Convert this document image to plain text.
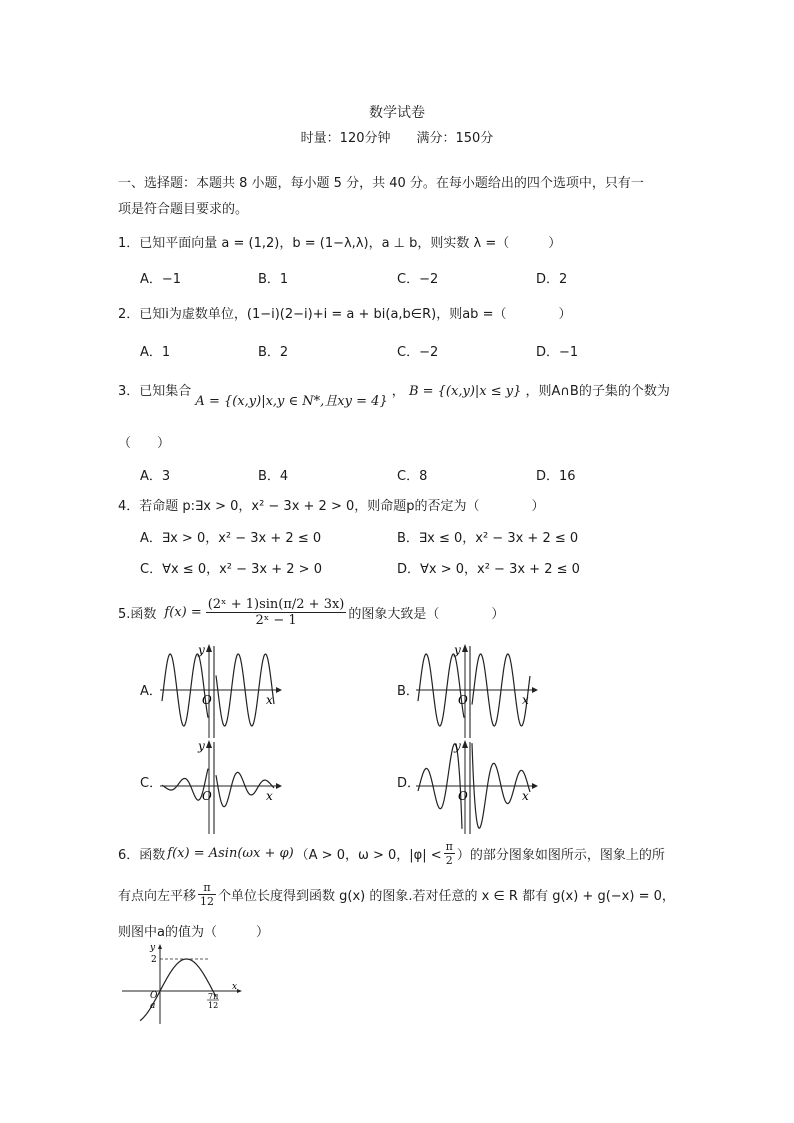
数学试卷
时量：120分钟　　满分：150分
一、选择题：本题共 8 小题，每小题 5 分，共 40 分。在每小题给出的四个选项中，只有一
项是符合题目要求的。
1．已知平面向量 a = (1,2)，b = (1−λ,λ)，a ⊥ b，则实数 λ =（　　　）
A．−1	B．1	C．−2	D．2
2．已知i为虚数单位，(1−i)(2−i)+i = a + bi(a,b∈R)，则ab =（　　　　）
A．1	B．2	C．−2	D．−1
3．已知集合 A = {(x,y)|x,y ∈ N*,且xy = 4} ， B = {(x,y)|x ≤ y} ，则A∩B的子集的个数为
（　　）
A．3	B．4	C．8	D．16
4．若命题 p:∃x > 0，x² − 3x + 2 > 0，则命题p的否定为（　　　　）
A．∃x > 0，x² − 3x + 2 ≤ 0	B．∃x ≤ 0，x² − 3x + 2 ≤ 0
C．∀x ≤ 0，x² − 3x + 2 > 0	D．∀x > 0，x² − 3x + 2 ≤ 0
5.函数 $f(x) = \frac{\text{(2ˣ + 1)sin(π/2 + 3x)}}{\text{2ˣ − 1}}$ 的图象大致是（　　　　）
A．	B．
C．	D．
y
x
O
y
x
O
y
x
O
y
x
O
6．函数 f(x) = Asin(ωx + φ) （A > 0，ω > 0，$|\varphi| < \frac{\pi}{2}$ ）的部分图象如图所示，图象上的所
有点向左平移 $\frac{\pi}{12}$ 个单位长度得到函数 g(x) 的图象.若对任意的 x ∈ R 都有 g(x) + g(−x) = 0，
则图中a的值为（　　　）
y
x
2
O
a
7π
12
